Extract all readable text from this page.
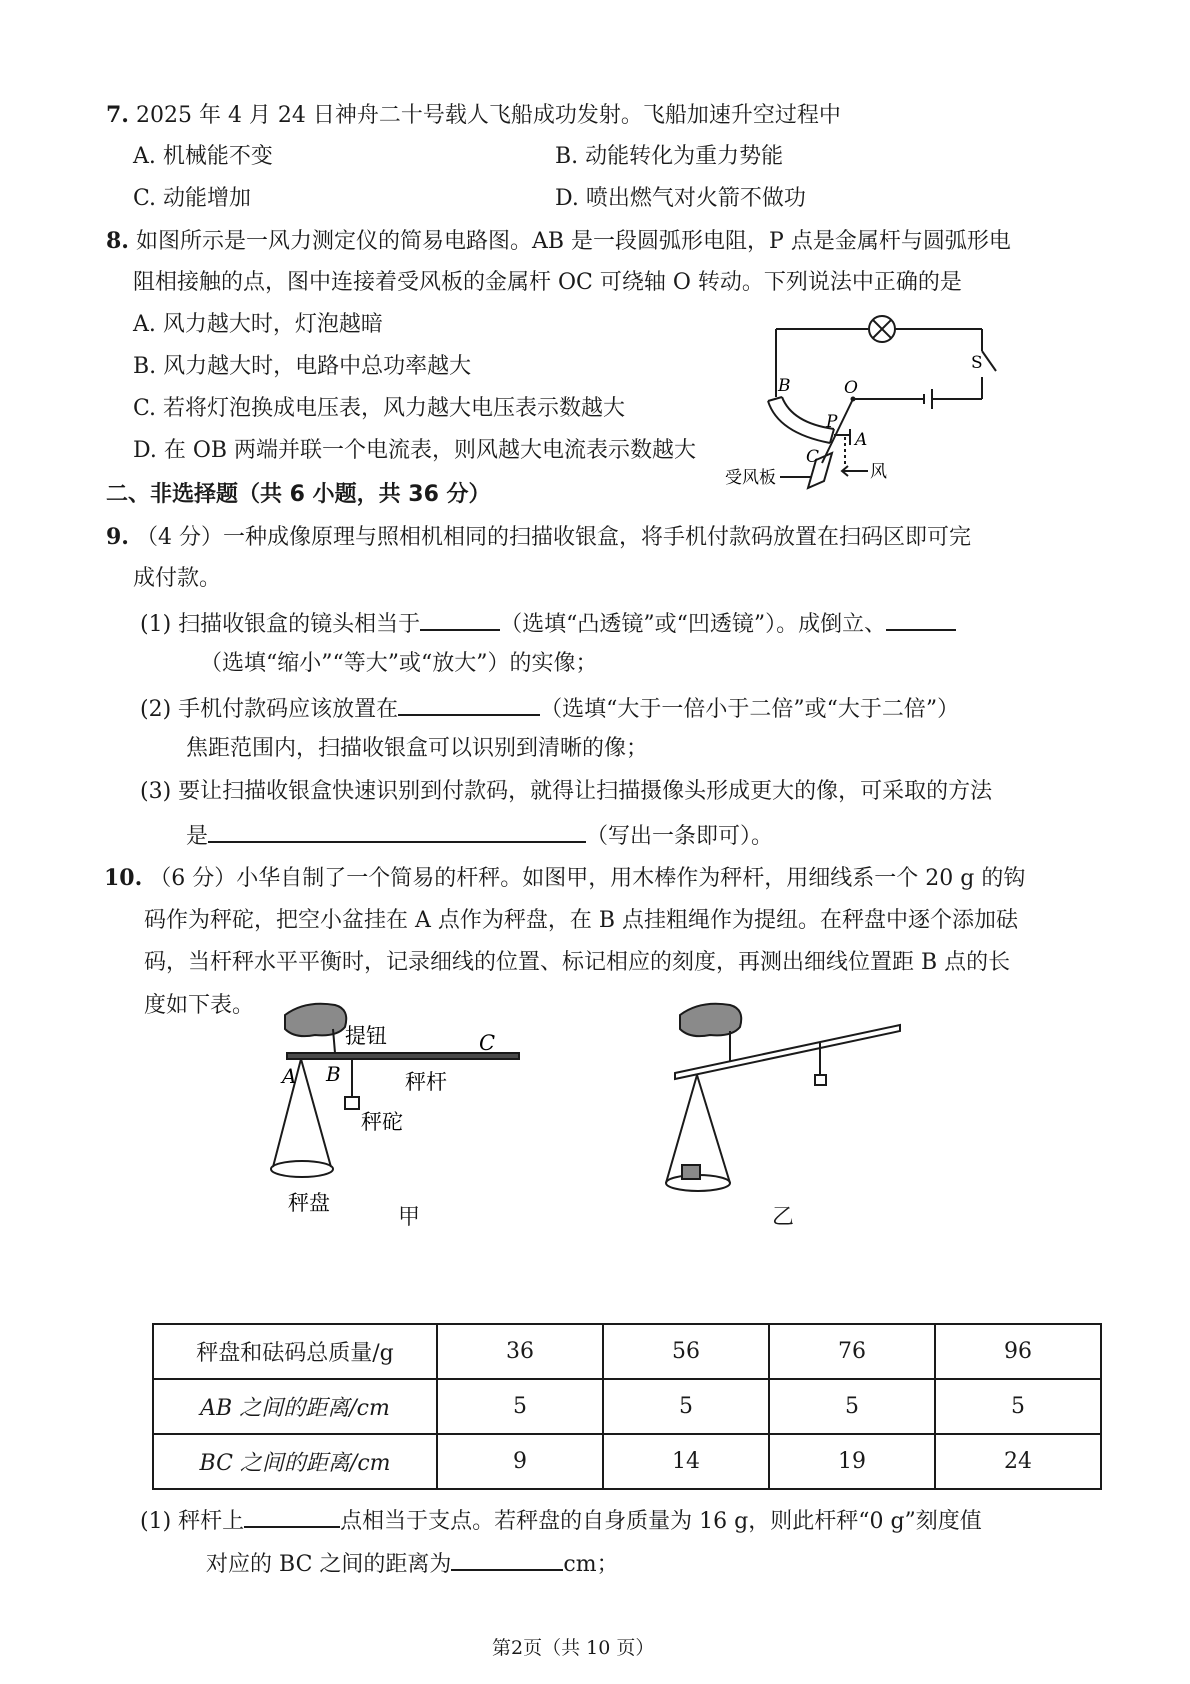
7. 2025 年 4 月 24 日神舟二十号载人飞船成功发射。飞船加速升空过程中
A. 机械能不变	B. 动能转化为重力势能
C. 动能增加	D. 喷出燃气对火箭不做功
8. 如图所示是一风力测定仪的简易电路图。AB 是一段圆弧形电阻，P 点是金属杆与圆弧形电
阻相接触的点，图中连接着受风板的金属杆 OC 可绕轴 O 转动。下列说法中正确的是
A. 风力越大时，灯泡越暗
B. 风力越大时，电路中总功率越大
C. 若将灯泡换成电压表，风力越大电压表示数越大
D. 在 OB 两端并联一个电流表，则风越大电流表示数越大
S
B	O
P
A
C
受风板	风
二、非选择题（共 6 小题，共 36 分）
9. （4 分）一种成像原理与照相机相同的扫描收银盒，将手机付款码放置在扫码区即可完
成付款。
(1) 扫描收银盒的镜头相当于	（选填“凸透镜”或“凹透镜”）。成倒立、
（选填“缩小”“等大”或“放大”）的实像；
(2) 手机付款码应该放置在	（选填“大于一倍小于二倍”或“大于二倍”）
焦距范围内，扫描收银盒可以识别到清晰的像；
(3) 要让扫描收银盒快速识别到付款码，就得让扫描摄像头形成更大的像，可采取的方法
是	（写出一条即可）。
10. （6 分）小华自制了一个简易的杆秤。如图甲，用木棒作为秤杆，用细线系一个 20 g 的钩
码作为秤砣，把空小盆挂在 A 点作为秤盘，在 B 点挂粗绳作为提纽。在秤盘中逐个添加砝
码，当杆秤水平平衡时，记录细线的位置、标记相应的刻度，再测出细线位置距 B 点的长
度如下表。
提钮	C
A B	秤杆
秤砣
秤盘
甲	乙
秤盘和砝码总质量/g	36	56	76	96
AB 之间的距离/cm	5	5	5	5
BC 之间的距离/cm	9	14	19	24
(1) 秤杆上	点相当于支点。若秤盘的自身质量为 16 g，则此杆秤“0 g”刻度值
对应的 BC 之间的距离为	cm；
第2页（共 10 页）
